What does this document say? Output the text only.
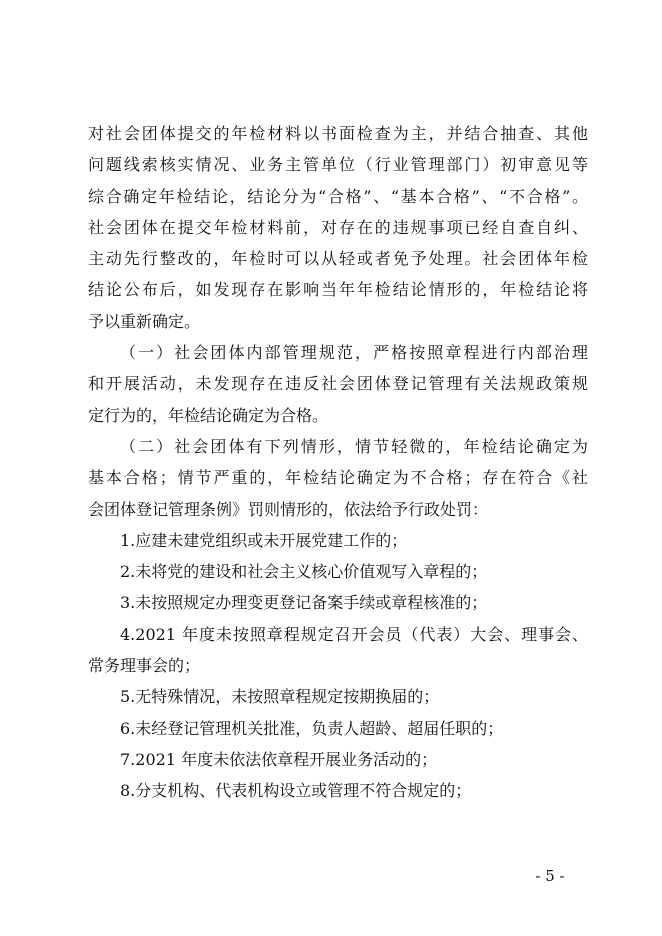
对社会团体提交的年检材料以书面检查为主，并结合抽查、其他
问题线索核实情况、业务主管单位（行业管理部门）初审意见等
综合确定年检结论，结论分为“合格”、“基本合格”、“不合格”。
社会团体在提交年检材料前，对存在的违规事项已经自查自纠、
主动先行整改的，年检时可以从轻或者免予处理。社会团体年检
结论公布后，如发现存在影响当年年检结论情形的，年检结论将
予以重新确定。
（一）社会团体内部管理规范，严格按照章程进行内部治理
和开展活动，未发现存在违反社会团体登记管理有关法规政策规
定行为的，年检结论确定为合格。
（二）社会团体有下列情形，情节轻微的，年检结论确定为
基本合格；情节严重的，年检结论确定为不合格；存在符合《社
会团体登记管理条例》罚则情形的，依法给予行政处罚：
1.应建未建党组织或未开展党建工作的；
2.未将党的建设和社会主义核心价值观写入章程的；
3.未按照规定办理变更登记备案手续或章程核准的；
4.2021 年度未按照章程规定召开会员（代表）大会、理事会、
常务理事会的；
5.无特殊情况，未按照章程规定按期换届的；
6.未经登记管理机关批准，负责人超龄、超届任职的；
7.2021 年度未依法依章程开展业务活动的；
8.分支机构、代表机构设立或管理不符合规定的；
- 5 -
